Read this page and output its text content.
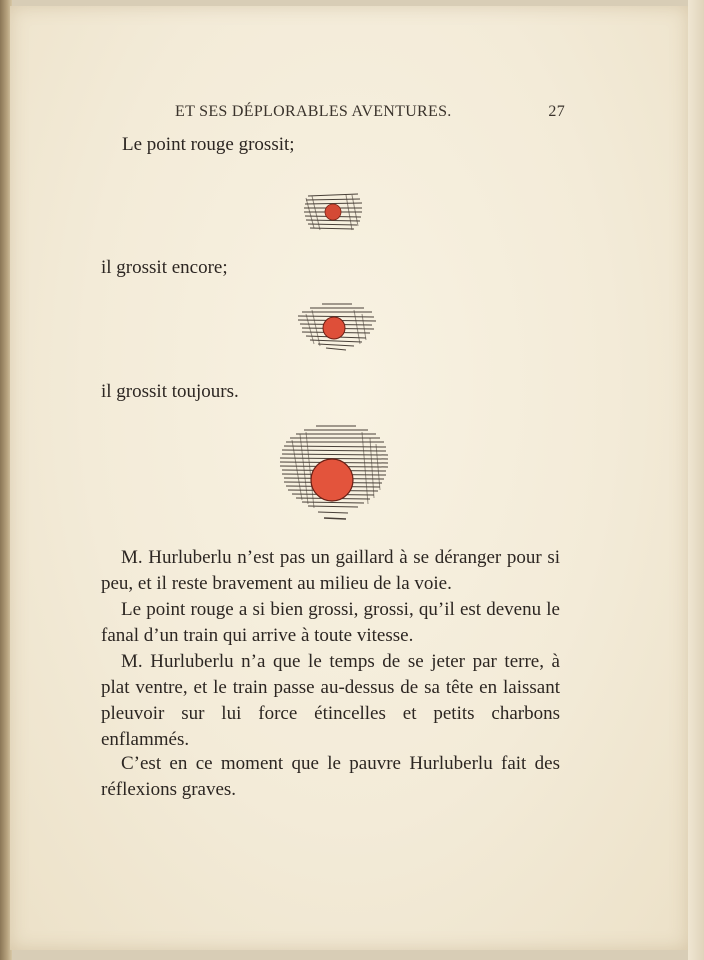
ET SES DÉPLORABLES AVENTURES.	27
Le point rouge grossit;
il grossit encore;
il grossit toujours.

M. Hurluberlu n’est pas un gaillard à se déranger pour si peu, et il reste bravement au milieu de la voie.

Le point rouge a si bien grossi, grossi, qu’il est devenu le fanal d’un train qui arrive à toute vitesse.

M. Hurluberlu n’a que le temps de se jeter par terre, à plat ventre, et le train passe au-dessus de sa tête en laissant pleuvoir sur lui force étincelles et petits charbons enflammés.

C’est en ce moment que le pauvre Hurluberlu fait des réflexions graves.
